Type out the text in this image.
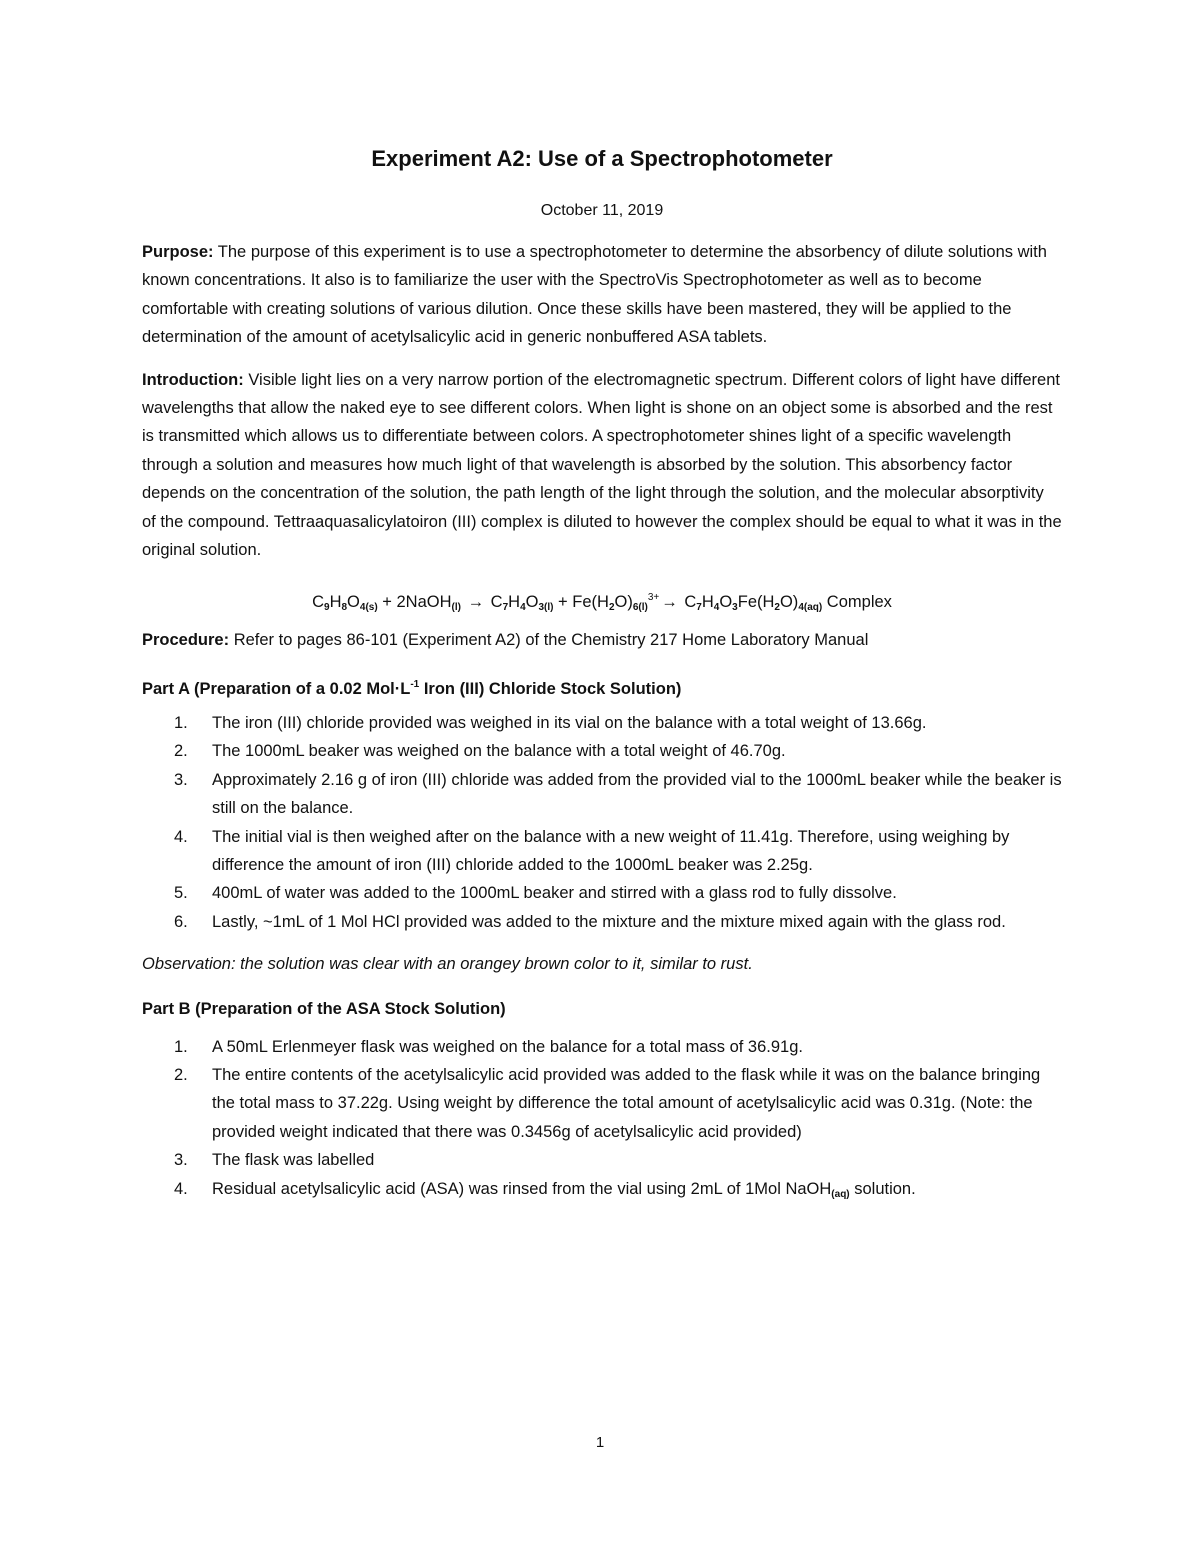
Experiment A2: Use of a Spectrophotometer
October 11, 2019

Purpose: The purpose of this experiment is to use a spectrophotometer to determine the absorbency of dilute solutions with known concentrations. It also is to familiarize the user with the SpectroVis Spectrophotometer as well as to become comfortable with creating solutions of various dilution. Once these skills have been mastered, they will be applied to the determination of the amount of acetylsalicylic acid in generic nonbuffered ASA tablets.

Introduction: Visible light lies on a very narrow portion of the electromagnetic spectrum. Different colors of light have different wavelengths that allow the naked eye to see different colors. When light is shone on an object some is absorbed and the rest is transmitted which allows us to differentiate between colors. A spectrophotometer shines light of a specific wavelength through a solution and measures how much light of that wavelength is absorbed by the solution. This absorbency factor depends on the concentration of the solution, the path length of the light through the solution, and the molecular absorptivity of the compound. Tettraaquasalicylatoiron (III) complex is diluted to however the complex should be equal to what it was in the original solution.

$C_9H_8O_{4(s)}$ + 2NaOH$_{(l)}$ → $C_7H_4O_{3(l)} + Fe(H_2O)_{6(l)}^{3+} \to C_7H_4O_3Fe(H_2O)_{4(aq)}$ Complex

Procedure: Refer to pages 86-101 (Experiment A2) of the Chemistry 217 Home Laboratory Manual

Part A (Preparation of a 0.02 $Mol\cdot L^{-1}$ Iron (III) Chloride Stock Solution)
1. The iron (III) chloride provided was weighed in its vial on the balance with a total weight of 13.66g.
2. The 1000mL beaker was weighed on the balance with a total weight of 46.70g.
3. Approximately 2.16 g of iron (III) chloride was added from the provided vial to the 1000mL beaker while the beaker is still on the balance.
4. The initial vial is then weighed after on the balance with a new weight of 11.41g. Therefore, using weighing by difference the amount of iron (III) chloride added to the 1000mL beaker was 2.25g.
5. 400mL of water was added to the 1000mL beaker and stirred with a glass rod to fully dissolve.
6. Lastly, ~1mL of 1 Mol HCl provided was added to the mixture and the mixture mixed again with the glass rod.

Observation: the solution was clear with an orangey brown color to it, similar to rust.

Part B (Preparation of the ASA Stock Solution)
1. A 50mL Erlenmeyer flask was weighed on the balance for a total mass of 36.91g.
2. The entire contents of the acetylsalicylic acid provided was added to the flask while it was on the balance bringing the total mass to 37.22g. Using weight by difference the total amount of acetylsalicylic acid was 0.31g. (Note: the provided weight indicated that there was 0.3456g of acetylsalicylic acid provided)
3. The flask was labelled
4. Residual acetylsalicylic acid (ASA) was rinsed from the vial using 2mL of 1Mol NaOH$_{(aq)}$ solution.
1
